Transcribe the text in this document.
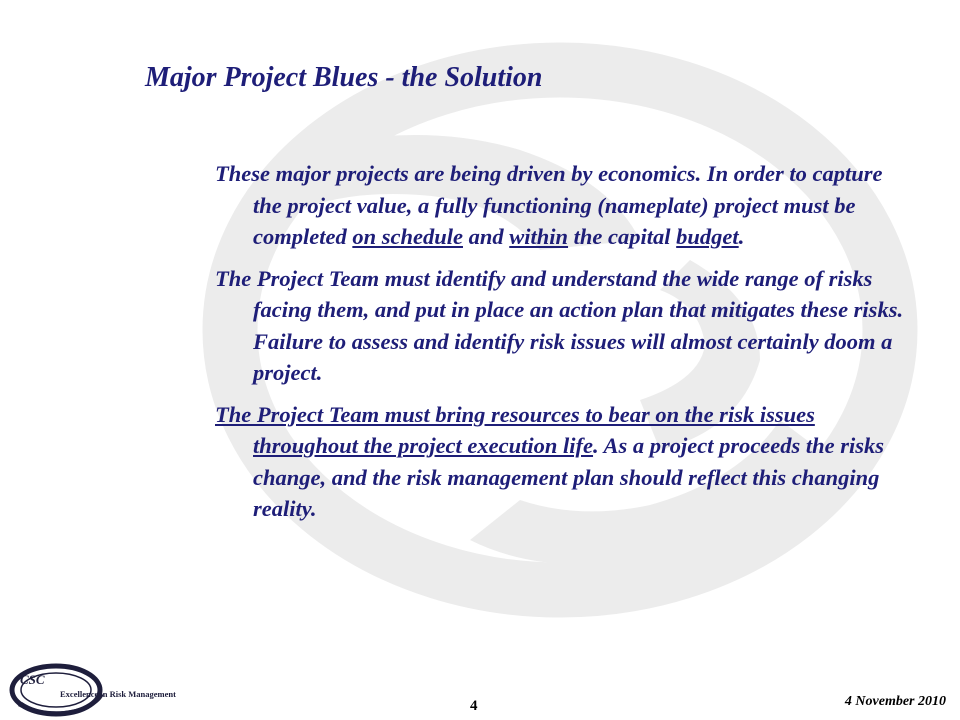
Major Project Blues - the Solution

These major projects are being driven by economics. In order to capture the project value, a fully functioning (nameplate) project must be completed on schedule and within the capital budget.

The Project Team must identify and understand the wide range of risks facing them, and put in place an action plan that mitigates these risks. Failure to assess and identify risk issues will almost certainly doom a project.

The Project Team must bring resources to bear on the risk issues throughout the project execution life. As a project proceeds the risks change, and the risk management plan should reflect this changing reality.

CSC
Excellence in Risk Management
4	4 November 2010
